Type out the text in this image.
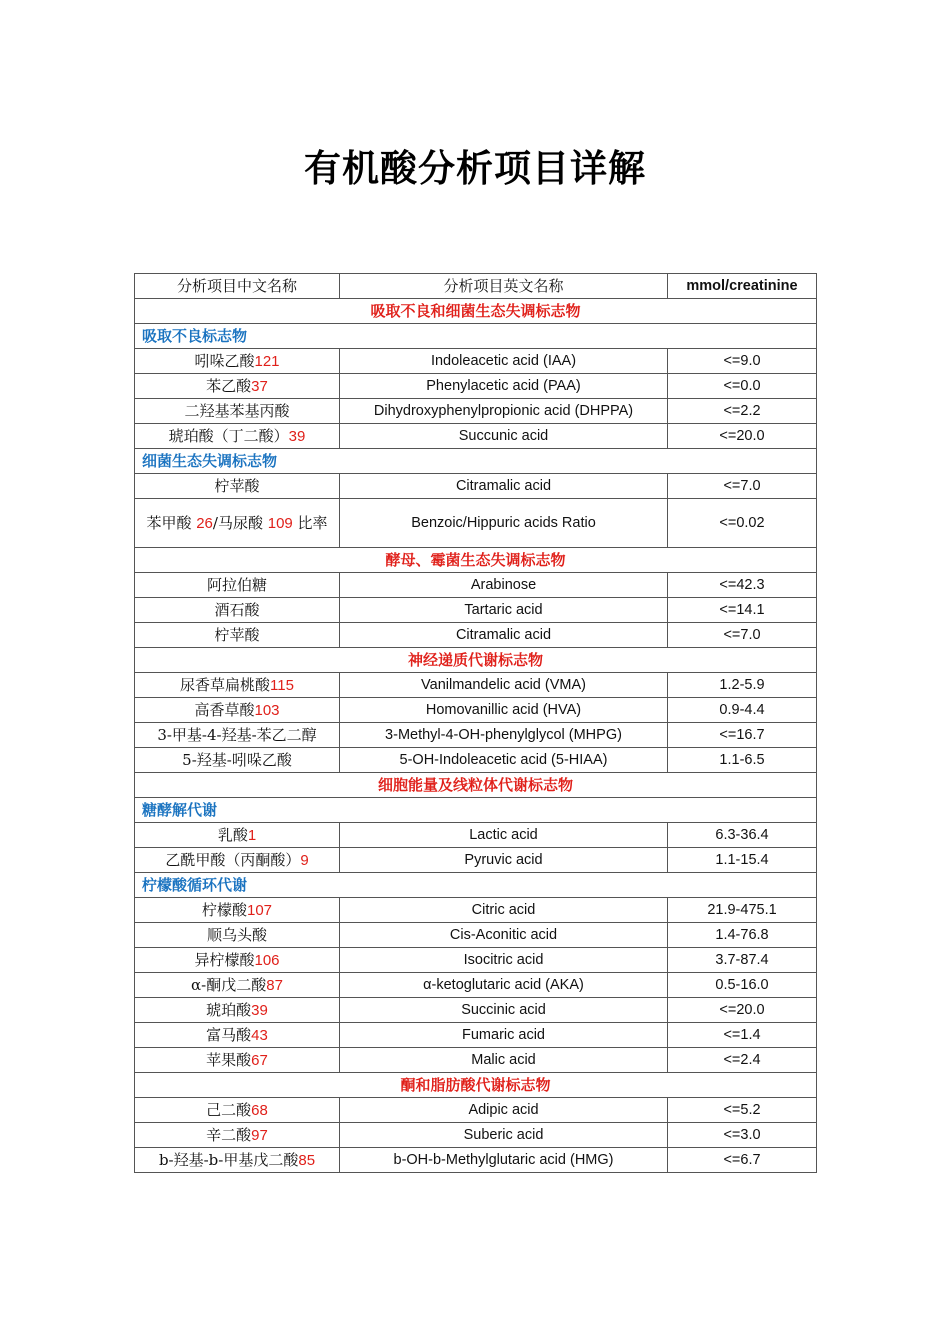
有机酸分析项目详解
分析项目中文名称	分析项目英文名称	mmol/creatinine
吸取不良和细菌生态失调标志物		
吸取不良标志物		
吲哚乙酸121	Indoleacetic acid (IAA)	<=9.0
苯乙酸37	Phenylacetic acid (PAA)	<=0.0
二羟基苯基丙酸	Dihydroxyphenylpropionic acid (DHPPA)	<=2.2
琥珀酸（丁二酸）39	Succunic acid	<=20.0
细菌生态失调标志物		
柠苹酸	Citramalic acid	<=7.0
苯甲酸 26/马尿酸 109 比率	Benzoic/Hippuric acids Ratio	<=0.02
酵母、霉菌生态失调标志物		
阿拉伯糖	Arabinose	<=42.3
酒石酸	Tartaric acid	<=14.1
柠苹酸	Citramalic acid	<=7.0
神经递质代谢标志物		
尿香草扁桃酸115	Vanilmandelic acid (VMA)	1.2-5.9
高香草酸103	Homovanillic acid (HVA)	0.9-4.4
3-甲基-4-羟基-苯乙二醇	3-Methyl-4-OH-phenylglycol (MHPG)	<=16.7
5-羟基-吲哚乙酸	5-OH-Indoleacetic acid (5-HIAA)	1.1-6.5
细胞能量及线粒体代谢标志物		
糖酵解代谢		
乳酸1	Lactic acid	6.3-36.4
乙酰甲酸（丙酮酸）9	Pyruvic acid	1.1-15.4
柠檬酸循环代谢		
柠檬酸107	Citric acid	21.9-475.1
顺乌头酸	Cis-Aconitic acid	1.4-76.8
异柠檬酸106	Isocitric acid	3.7-87.4
α-酮戊二酸87	α-ketoglutaric acid (AKA)	0.5-16.0
琥珀酸39	Succinic acid	<=20.0
富马酸43	Fumaric acid	<=1.4
苹果酸67	Malic acid	<=2.4
酮和脂肪酸代谢标志物		
己二酸68	Adipic acid	<=5.2
辛二酸97	Suberic acid	<=3.0
b-羟基-b-甲基戊二酸85	b-OH-b-Methylglutaric acid (HMG)	<=6.7
